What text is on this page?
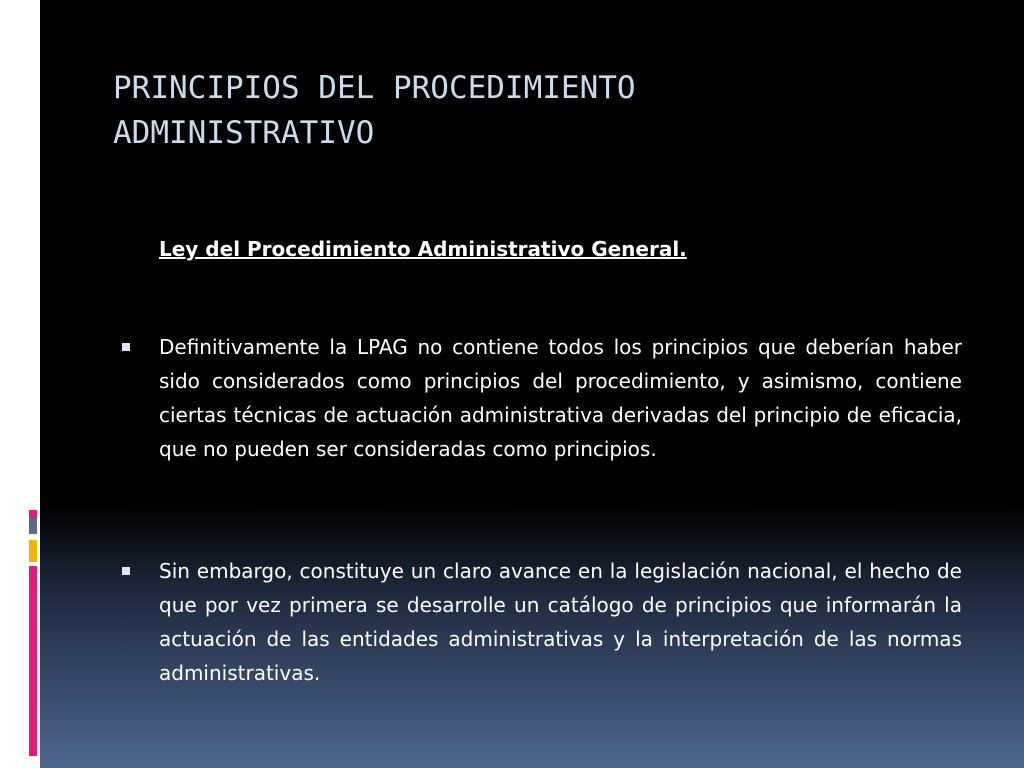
PRINCIPIOS DEL PROCEDIMIENTO
ADMINISTRATIVO
Ley del Procedimiento Administrativo General.

Definitivamente la LPAG no contiene todos los principios que deberían haber sido considerados como principios del procedimiento, y asimismo, contiene ciertas técnicas de actuación administrativa derivadas del principio de eficacia, que no pueden ser consideradas como principios.

Sin embargo, constituye un claro avance en la legislación nacional, el hecho de que por vez primera se desarrolle un catálogo de principios que informarán la actuación de las entidades administrativas y la interpretación de las normas administrativas.
